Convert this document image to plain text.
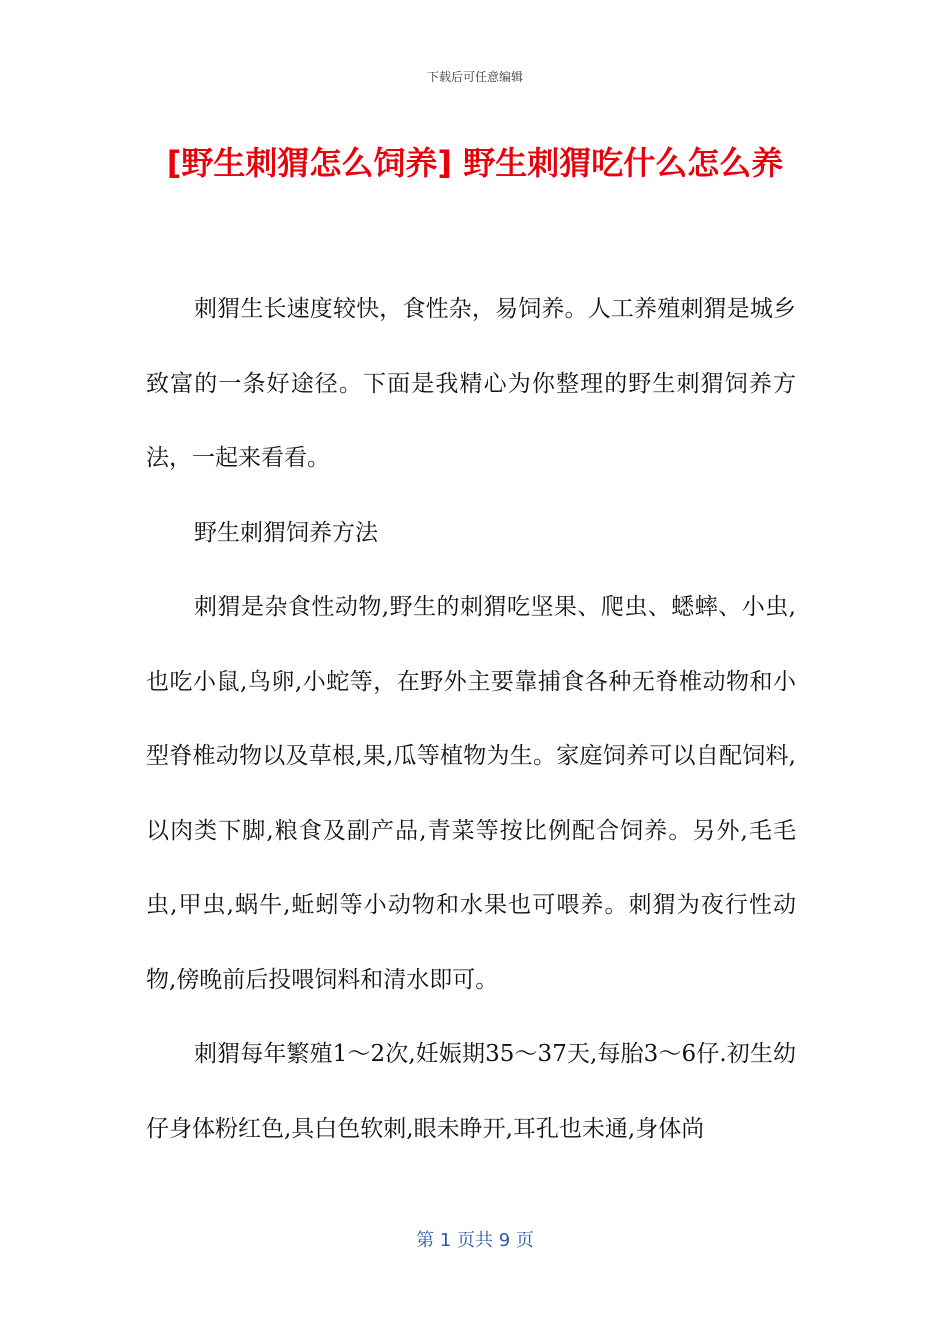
下载后可任意编辑
[野生刺猬怎么饲养] 野生刺猬吃什么怎么养

刺猬生长速度较快，食性杂，易饲养。人工养殖刺猬是城乡致富的一条好途径。下面是我精心为你整理的野生刺猬饲养方法，一起来看看。

野生刺猬饲养方法

刺猬是杂食性动物,野生的刺猬吃坚果、爬虫、蟋蟀、小虫,也吃小鼠,鸟卵,小蛇等，在野外主要靠捕食各种无脊椎动物和小型脊椎动物以及草根,果,瓜等植物为生。家庭饲养可以自配饲料,以肉类下脚,粮食及副产品,青菜等按比例配合饲养。另外,毛毛虫,甲虫,蜗牛,蚯蚓等小动物和水果也可喂养。刺猬为夜行性动物,傍晚前后投喂饲料和清水即可。

刺猬每年繁殖1～2次,妊娠期35～37天,每胎3～6仔.初生幼仔身体粉红色,具白色软刺,眼未睁开,耳孔也未通,身体尚

第 1 页共 9 页
